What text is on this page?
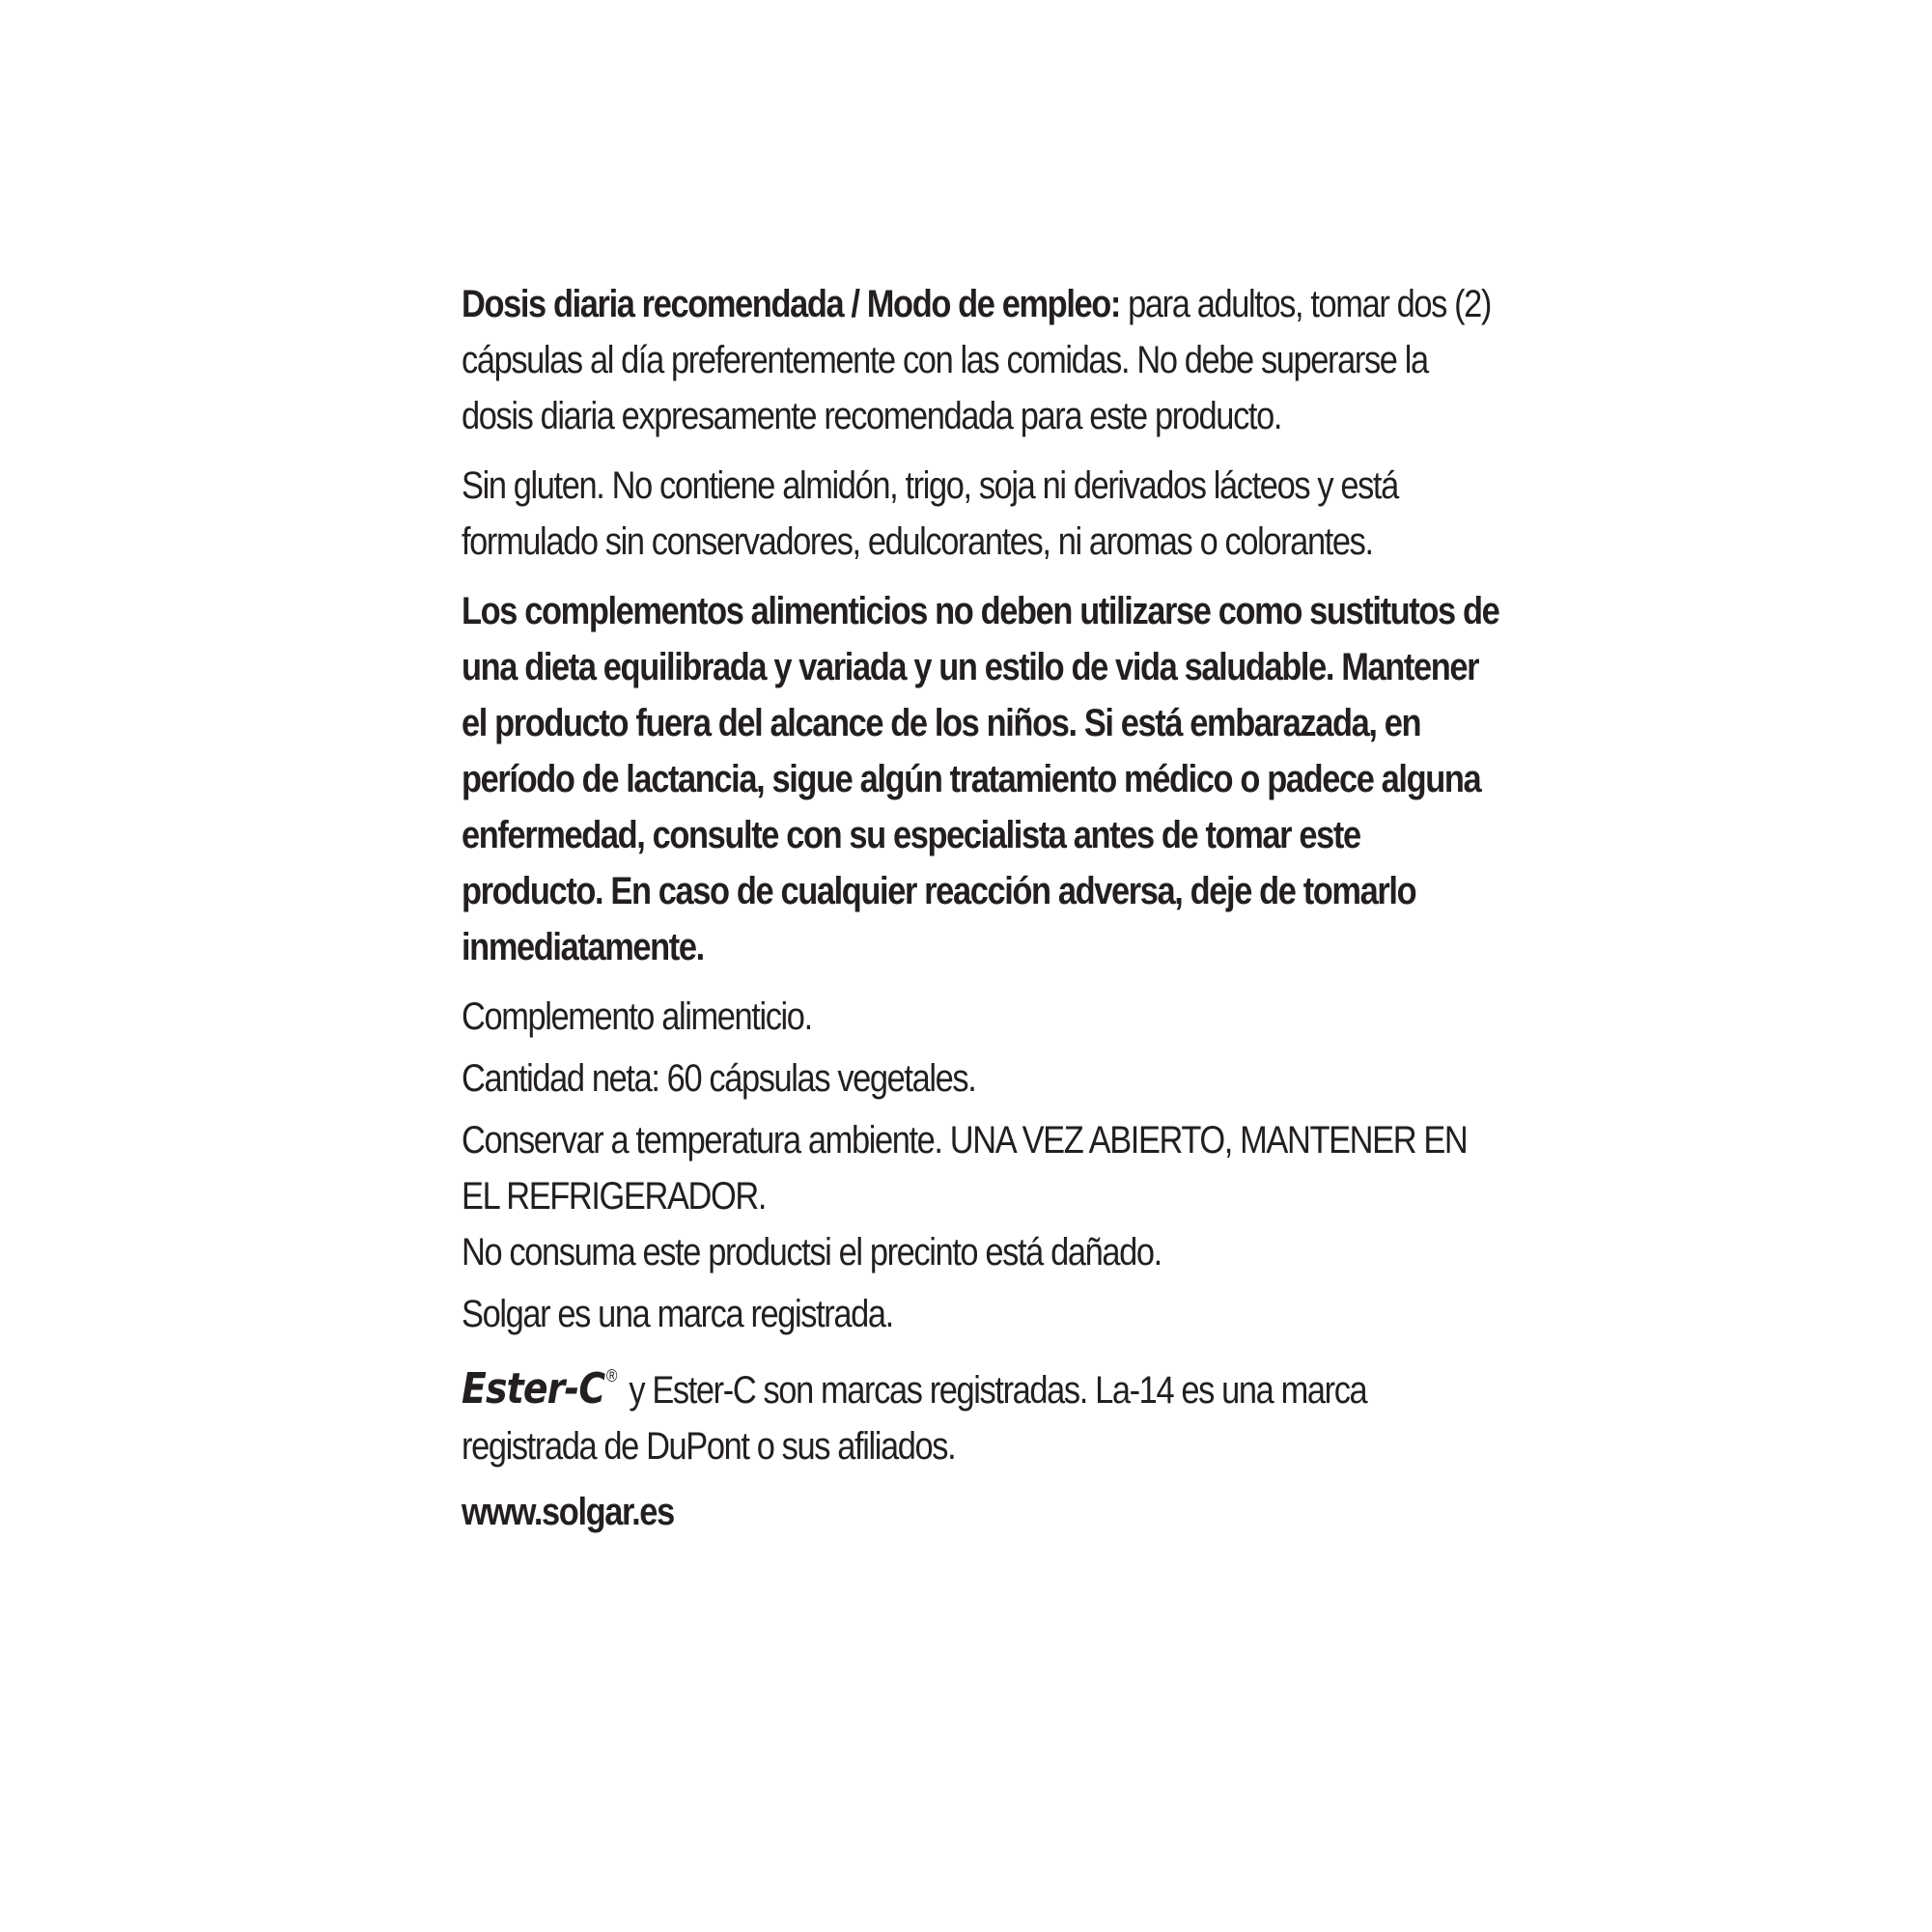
Dosis diaria recomendada / Modo de empleo: para adultos, tomar dos (2) cápsulas al día preferentemente con las comidas. No debe superarse la dosis diaria expresamente recomendada para este producto.

Sin gluten. No contiene almidón, trigo, soja ni derivados lácteos y está formulado sin conservadores, edulcorantes, ni aromas o colorantes.

Los complementos alimenticios no deben utilizarse como sustitutos de una dieta equilibrada y variada y un estilo de vida saludable. Mantener el producto fuera del alcance de los niños. Si está embarazada, en período de lactancia, sigue algún tratamiento médico o padece alguna enfermedad, consulte con su especialista antes de tomar este producto. En caso de cualquier reacción adversa, deje de tomarlo inmediatamente.

Complemento alimenticio.

Cantidad neta: 60 cápsulas vegetales.

Conservar a temperatura ambiente. UNA VEZ ABIERTO, MANTENER EN EL REFRIGERADOR.

No consuma este productsi el precinto está dañado.

Solgar es una marca registrada.

Ester-C® y Ester-C son marcas registradas. La-14 es una marca registrada de DuPont o sus afiliados.

www.solgar.es
